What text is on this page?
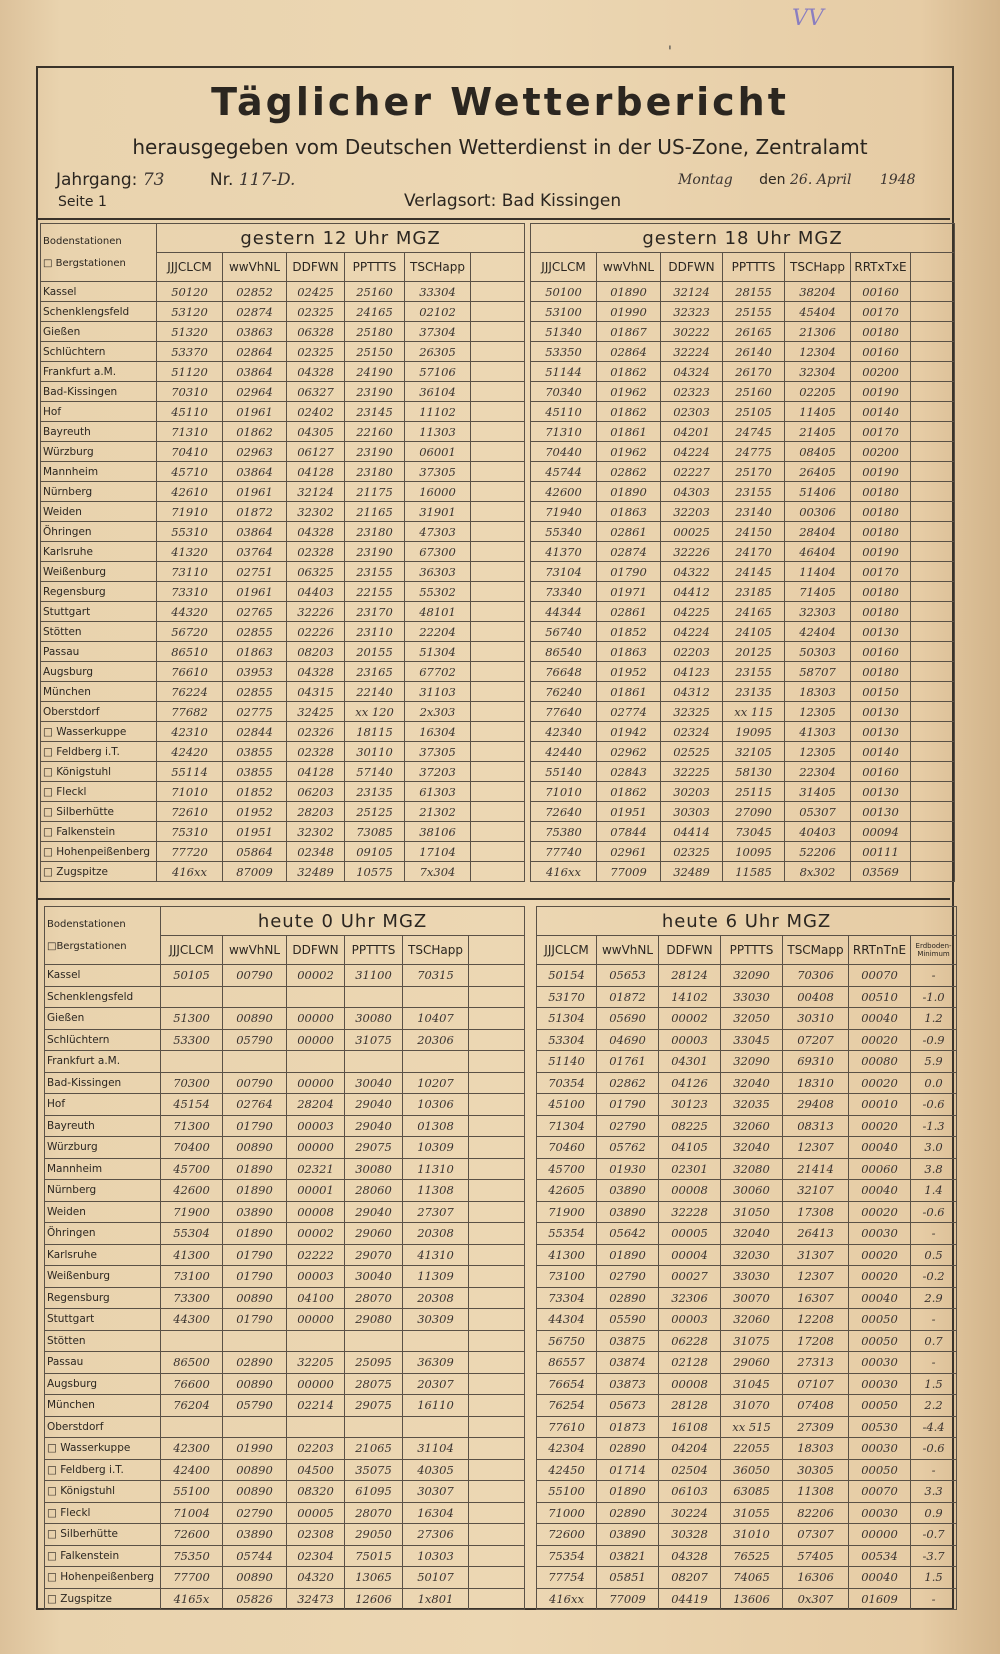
VV
'
Täglicher Wetterbericht
herausgegeben vom Deutschen Wetterdienst in der US-Zone, Zentralamt
Jahrgang: 73	Nr. 117-D.	Montag den 26. April 1948
Seite 1	Verlagsort: Bad Kissingen
Bodenstationen
□ Bergstationen	gestern 12 Uhr MGZ					
	JJJCLCM	wwVhNL	DDFWN	PPTTTS	TSCHapp	
Kassel	50120	02852	02425	25160	33304	
Schenklengsfeld	53120	02874	02325	24165	02102	
Gießen	51320	03863	06328	25180	37304	
Schlüchtern	53370	02864	02325	25150	26305	
Frankfurt a.M.	51120	03864	04328	24190	57106	
Bad-Kissingen	70310	02964	06327	23190	36104	
Hof	45110	01961	02402	23145	11102	
Bayreuth	71310	01862	04305	22160	11303	
Würzburg	70410	02963	06127	23190	06001	
Mannheim	45710	03864	04128	23180	37305	
Nürnberg	42610	01961	32124	21175	16000	
Weiden	71910	01872	32302	21165	31901	
Öhringen	55310	03864	04328	23180	47303	
Karlsruhe	41320	03764	02328	23190	67300	
Weißenburg	73110	02751	06325	23155	36303	
Regensburg	73310	01961	04403	22155	55302	
Stuttgart	44320	02765	32226	23170	48101	
Stötten	56720	02855	02226	23110	22204	
Passau	86510	01863	08203	20155	51304	
Augsburg	76610	03953	04328	23165	67702	
München	76224	02855	04315	22140	31103	
Oberstdorf	77682	02775	32425	xx 120	2x303	
□ Wasserkuppe	42310	02844	02326	18115	16304	
□ Feldberg i.T.	42420	03855	02328	30110	37305	
□ Königstuhl	55114	03855	04128	57140	37203	
□ Fleckl	71010	01852	06203	23135	61303	
□ Silberhütte	72610	01952	28203	25125	21302	
□ Falkenstein	75310	01951	32302	73085	38106	
□ Hohenpeißenberg	77720	05864	02348	09105	17104	
□ Zugspitze	416xx	87009	32489	10575	7x304	
gestern 18 Uhr MGZ						
JJJCLCM	wwVhNL	DDFWN	PPTTTS	TSCHapp	RRTxTxE	
50100	01890	32124	28155	38204	00160	
53100	01990	32323	25155	45404	00170	
51340	01867	30222	26165	21306	00180	
53350	02864	32224	26140	12304	00160	
51144	01862	04324	26170	32304	00200	
70340	01962	02323	25160	02205	00190	
45110	01862	02303	25105	11405	00140	
71310	01861	04201	24745	21405	00170	
70440	01962	04224	24775	08405	00200	
45744	02862	02227	25170	26405	00190	
42600	01890	04303	23155	51406	00180	
71940	01863	32203	23140	00306	00180	
55340	02861	00025	24150	28404	00180	
41370	02874	32226	24170	46404	00190	
73104	01790	04322	24145	11404	00170	
73340	01971	04412	23185	71405	00180	
44344	02861	04225	24165	32303	00180	
56740	01852	04224	24105	42404	00130	
86540	01863	02203	20125	50303	00160	
76648	01952	04123	23155	58707	00180	
76240	01861	04312	23135	18303	00150	
77640	02774	32325	xx 115	12305	00130	
42340	01942	02324	19095	41303	00130	
42440	02962	02525	32105	12305	00140	
55140	02843	32225	58130	22304	00160	
71010	01862	30203	25115	31405	00130	
72640	01951	30303	27090	05307	00130	
75380	07844	04414	73045	40403	00094	
77740	02961	02325	10095	52206	00111	
416xx	77009	32489	11585	8x302	03569	
Bodenstationen
□Bergstationen	heute 0 Uhr MGZ					
	JJJCLCM	wwVhNL	DDFWN	PPTTTS	TSCHapp	
Kassel	50105	00790	00002	31100	70315	
Schenklengsfeld						
Gießen	51300	00890	00000	30080	10407	
Schlüchtern	53300	05790	00000	31075	20306	
Frankfurt a.M.						
Bad-Kissingen	70300	00790	00000	30040	10207	
Hof	45154	02764	28204	29040	10306	
Bayreuth	71300	01790	00003	29040	01308	
Würzburg	70400	00890	00000	29075	10309	
Mannheim	45700	01890	02321	30080	11310	
Nürnberg	42600	01890	00001	28060	11308	
Weiden	71900	03890	00008	29040	27307	
Öhringen	55304	01890	00002	29060	20308	
Karlsruhe	41300	01790	02222	29070	41310	
Weißenburg	73100	01790	00003	30040	11309	
Regensburg	73300	00890	04100	28070	20308	
Stuttgart	44300	01790	00000	29080	30309	
Stötten						
Passau	86500	02890	32205	25095	36309	
Augsburg	76600	00890	00000	28075	20307	
München	76204	05790	02214	29075	16110	
Oberstdorf						
□ Wasserkuppe	42300	01990	02203	21065	31104	
□ Feldberg i.T.	42400	00890	04500	35075	40305	
□ Königstuhl	55100	00890	08320	61095	30307	
□ Fleckl	71004	02790	00005	28070	16304	
□ Silberhütte	72600	03890	02308	29050	27306	
□ Falkenstein	75350	05744	02304	75015	10303	
□ Hohenpeißenberg	77700	00890	04320	13065	50107	
□ Zugspitze	4165x	05826	32473	12606	1x801	
heute 6 Uhr MGZ						
JJJCLCM	wwVhNL	DDFWN	PPTTTS	TSCMapp	RRTnTnE	Erdboden-Minimum
50154	05653	28124	32090	70306	00070	-
53170	01872	14102	33030	00408	00510	-1.0
51304	05690	00002	32050	30310	00040	1.2
53304	04690	00003	33045	07207	00020	-0.9
51140	01761	04301	32090	69310	00080	5.9
70354	02862	04126	32040	18310	00020	0.0
45100	01790	30123	32035	29408	00010	-0.6
71304	02790	08225	32060	08313	00020	-1.3
70460	05762	04105	32040	12307	00040	3.0
45700	01930	02301	32080	21414	00060	3.8
42605	03890	00008	30060	32107	00040	1.4
71900	03890	32228	31050	17308	00020	-0.6
55354	05642	00005	32040	26413	00030	-
41300	01890	00004	32030	31307	00020	0.5
73100	02790	00027	33030	12307	00020	-0.2
73304	02890	32306	30070	16307	00040	2.9
44304	05590	00003	32060	12208	00050	-
56750	03875	06228	31075	17208	00050	0.7
86557	03874	02128	29060	27313	00030	-
76654	03873	00008	31045	07107	00030	1.5
76254	05673	28128	31070	07408	00050	2.2
77610	01873	16108	xx 515	27309	00530	-4.4
42304	02890	04204	22055	18303	00030	-0.6
42450	01714	02504	36050	30305	00050	-
55100	01890	06103	63085	11308	00070	3.3
71000	02890	30224	31055	82206	00030	0.9
72600	03890	30328	31010	07307	00000	-0.7
75354	03821	04328	76525	57405	00534	-3.7
77754	05851	08207	74065	16306	00040	1.5
416xx	77009	04419	13606	0x307	01609	-
